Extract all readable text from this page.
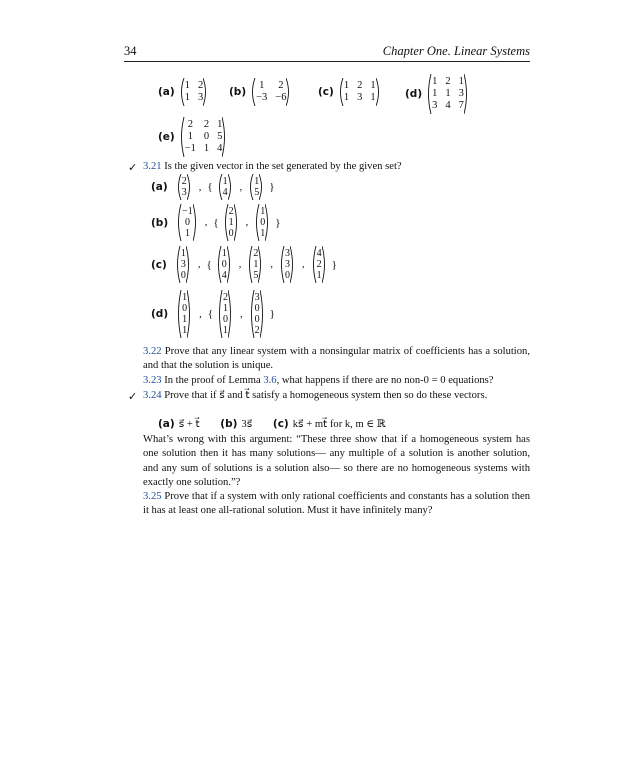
34	Chapter One. Linear Systems
(a)
1 2
1 3 (b)
1 2
−3 −6	(c)
1 2 1
1 3 1	(d)
1 2 1
1 1 3
3 4 7
(e)
2 2 1
1 0 5
−1 1 4
✓ 3.21 Is the given vector in the set generated by the given set?
(a) 2
3 , { 1
4 , 1
5 }
(b)
−1
0
1
, {
2
1
0
,
1
0
1
}
(c)
1
3
0
, {
1
0
4
,
2
1
5
,
3
3
0
,
4
2
1
}
(d)
1
0
1
1
, {
2
1
0
1
,
3
0
0
2
}
3.22 Prove that any linear system with a nonsingular matrix of coefficients has a solution, and that the solution is unique.
3.23 In the proof of Lemma 3.6, what happens if there are no non-0 = 0 equations?
✓ 3.24 Prove that if s⃗ and t⃗ satisfy a homogeneous system then so do these vectors.
(a) s⃗ + t⃗ (b) 3s⃗ (c) ks⃗ + mt⃗ for k, m ∈ ℝ
What’s wrong with this argument: “These three show that if a homogeneous system has one solution then it has many solutions— any multiple of a solution is another solution, and any sum of solutions is a solution also— so there are no homogeneous systems with exactly one solution.”?
3.25 Prove that if a system with only rational coefficients and constants has a solution then it has at least one all-rational solution. Must it have infinitely many?
